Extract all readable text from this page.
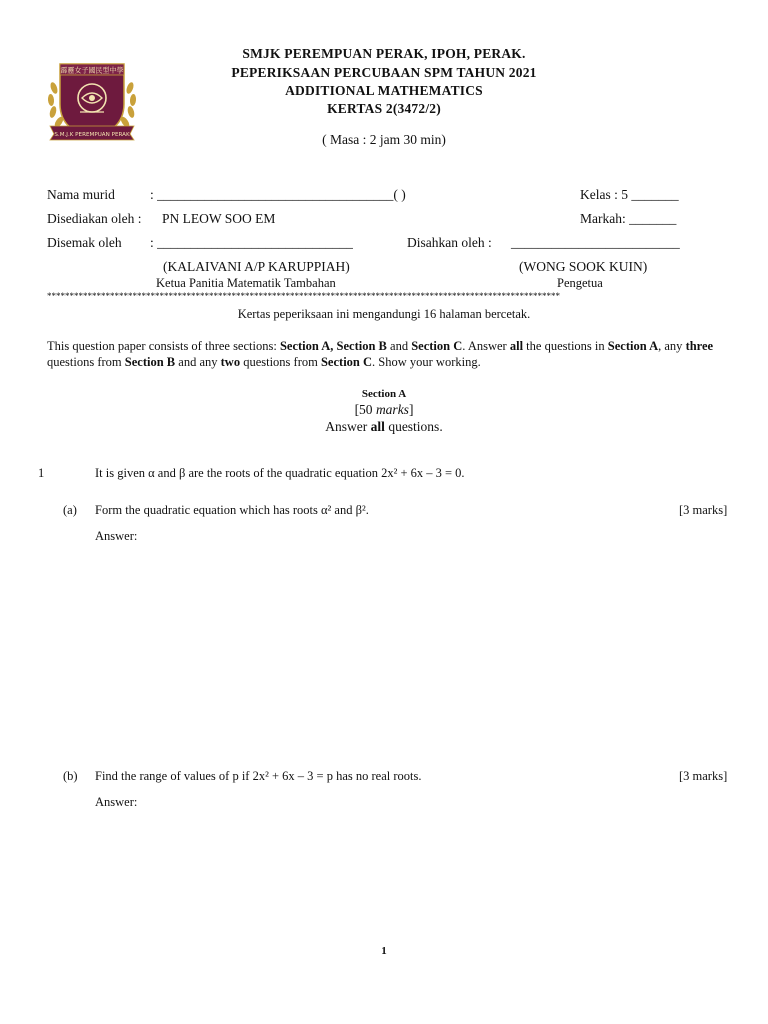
霹靂女子國民型中學
S.M.J.K PEREMPUAN PERAK
SMJK PEREMPUAN PERAK, IPOH, PERAK.
PEPERIKSAAN PERCUBAAN SPM TAHUN 2021
ADDITIONAL MATHEMATICS
KERTAS 2(3472/2)
( Masa : 2 jam 30 min)
Nama murid	: ___________________________________( )	Kelas : 5 _______
Disediakan oleh : PN LEOW SOO EM	Markah: _______
Disemak oleh : _____________________________	Disahkan oleh : _________________________
(KALAIVANI A/P KARUPPIAH)	(WONG SOOK KUIN)
Ketua Panitia Matematik Tambahan	Pengetua
******************************************************************************************************************
Kertas peperiksaan ini mengandungi 16 halaman bercetak.
This question paper consists of three sections: Section A, Section B and Section C. Answer all the questions in Section A, any three questions from Section B and any two questions from Section C. Show your working.
Section A
[50 marks]
Answer all questions.
1	It is given α and β are the roots of the quadratic equation 2x² + 6x – 3 = 0.
(a) Form the quadratic equation which has roots α² and β².	[3 marks]
Answer:
(b) Find the range of values of p if 2x² + 6x – 3 = p has no real roots.	[3 marks]
Answer:
1
